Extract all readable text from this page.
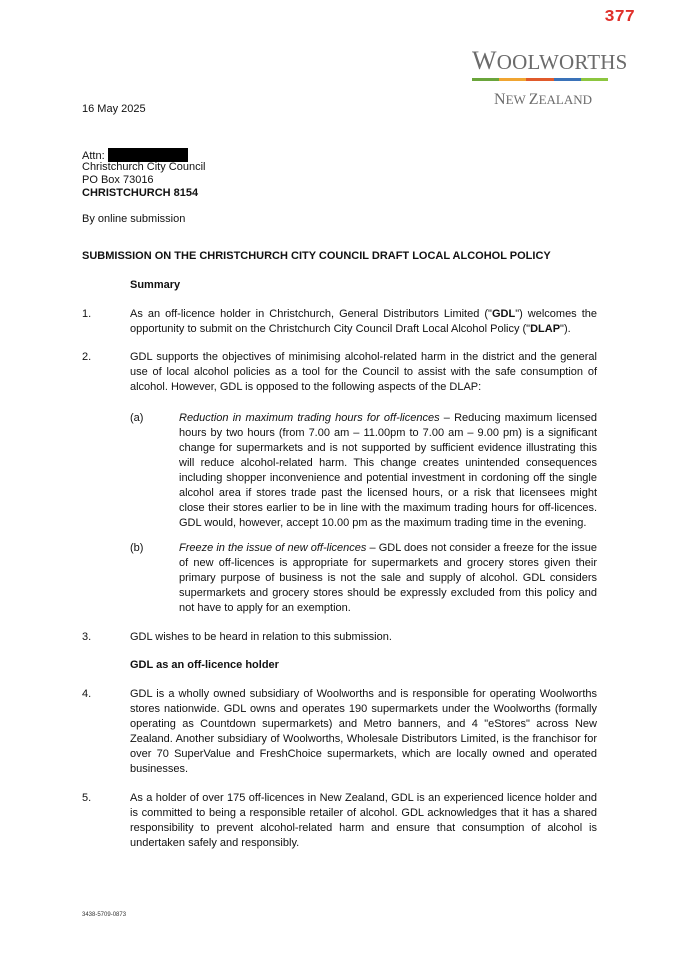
377
WOOLWORTHS
NEW ZEALAND
16 May 2025
Attn:
Christchurch City Council
PO Box 73016
CHRISTCHURCH 8154
By online submission
SUBMISSION ON THE CHRISTCHURCH CITY COUNCIL DRAFT LOCAL ALCOHOL POLICY
Summary
1.	As an off-licence holder in Christchurch, General Distributors Limited ("GDL") welcomes the opportunity to submit on the Christchurch City Council Draft Local Alcohol Policy ("DLAP").
2.	GDL supports the objectives of minimising alcohol-related harm in the district and the general use of local alcohol policies as a tool for the Council to assist with the safe consumption of alcohol. However, GDL is opposed to the following aspects of the DLAP:
(a)	Reduction in maximum trading hours for off-licences – Reducing maximum licensed hours by two hours (from 7.00 am – 11.00pm to 7.00 am – 9.00 pm) is a significant change for supermarkets and is not supported by sufficient evidence illustrating this will reduce alcohol-related harm. This change creates unintended consequences including shopper inconvenience and potential investment in cordoning off the single alcohol area if stores trade past the licensed hours, or a risk that licensees might close their stores earlier to be in line with the maximum trading hours for off-licences. GDL would, however, accept 10.00 pm as the maximum trading time in the evening.
(b)	Freeze in the issue of new off-licences – GDL does not consider a freeze for the issue of new off-licences is appropriate for supermarkets and grocery stores given their primary purpose of business is not the sale and supply of alcohol. GDL considers supermarkets and grocery stores should be expressly excluded from this policy and not have to apply for an exemption.
3.	GDL wishes to be heard in relation to this submission.
GDL as an off-licence holder
4.	GDL is a wholly owned subsidiary of Woolworths and is responsible for operating Woolworths stores nationwide. GDL owns and operates 190 supermarkets under the Woolworths (formally operating as Countdown supermarkets) and Metro banners, and 4 "eStores" across New Zealand. Another subsidiary of Woolworths, Wholesale Distributors Limited, is the franchisor for over 70 SuperValue and FreshChoice supermarkets, which are locally owned and operated businesses.
5.	As a holder of over 175 off-licences in New Zealand, GDL is an experienced licence holder and is committed to being a responsible retailer of alcohol. GDL acknowledges that it has a shared responsibility to prevent alcohol-related harm and ensure that consumption of alcohol is undertaken safely and responsibly.
3438-5709-0873
